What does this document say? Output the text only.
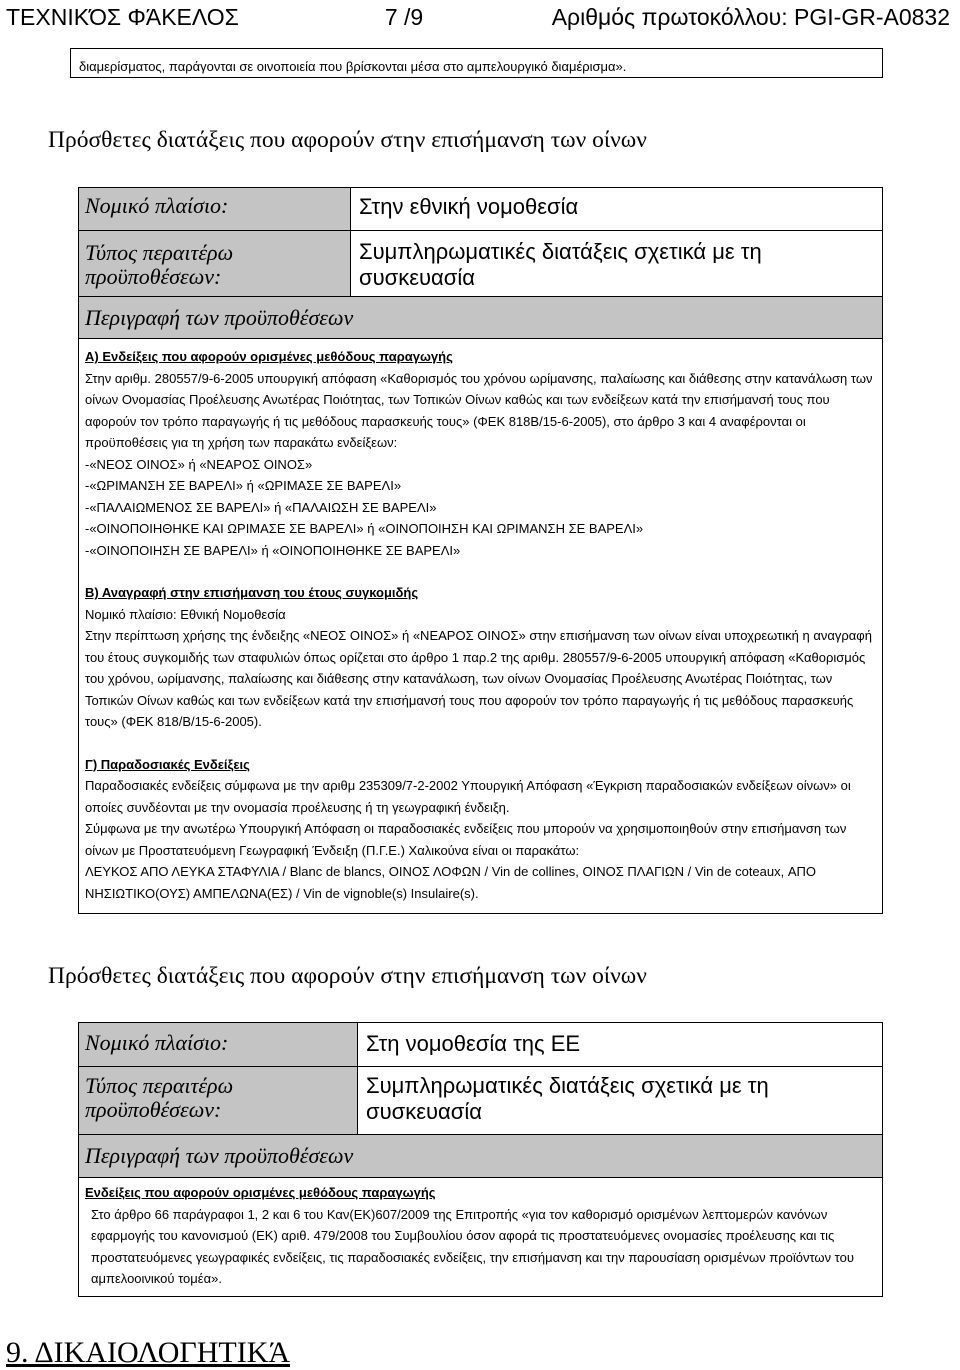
ΤΕΧΝΙΚΌΣ ΦΆΚΕΛΟΣ	7 /9	Αριθμός πρωτοκόλλου: PGI-GR-A0832
διαμερίσματος, παράγονται σε οινοποιεία που βρίσκονται μέσα στο αμπελουργικό διαμέρισμα».
Πρόσθετες διατάξεις που αφορούν στην επισήμανση των οίνων
Νομικό πλαίσιο:	Στην εθνική νομοθεσία
Τύπος περαιτέρω προϋποθέσεων:
Συμπληρωματικές διατάξεις σχετικά με τη συσκευασία
Περιγραφή των προϋποθέσεων

Α) Ενδείξεις που αφορούν ορισμένες μεθόδους παραγωγής

Στην αριθμ. 280557/9-6-2005 υπουργική απόφαση «Καθορισμός του χρόνου ωρίμανσης, παλαίωσης και διάθεσης στην κατανάλωση των οίνων Ονομασίας Προέλευσης Ανωτέρας Ποιότητας, των Τοπικών Οίνων καθώς και των ενδείξεων κατά την επισήμανσή τους που αφορούν τον τρόπο παραγωγής ή τις μεθόδους παρασκευής τους» (ΦΕΚ 818Β/15-6-2005), στο άρθρο 3 και 4 αναφέρονται οι προϋποθέσεις για τη χρήση των παρακάτω ενδείξεων:

-«ΝΕΟΣ ΟΙΝΟΣ» ή «ΝΕΑΡΟΣ ΟΙΝΟΣ»

-«ΩΡΙΜΑΝΣΗ ΣΕ ΒΑΡΕΛΙ» ή «ΩΡΙΜΑΣΕ ΣΕ ΒΑΡΕΛΙ»

-«ΠΑΛΑΙΩΜΕΝΟΣ ΣΕ ΒΑΡΕΛΙ» ή «ΠΑΛΑΙΩΣΗ ΣΕ ΒΑΡΕΛΙ»

-«ΟΙΝΟΠΟΙΗΘΗΚΕ ΚΑΙ ΩΡΙΜΑΣΕ ΣΕ ΒΑΡΕΛΙ» ή «ΟΙΝΟΠΟΙΗΣΗ ΚΑΙ ΩΡΙΜΑΝΣΗ ΣΕ ΒΑΡΕΛΙ»

-«ΟΙΝΟΠΟΙΗΣΗ ΣΕ ΒΑΡΕΛΙ» ή «ΟΙΝΟΠΟΙΗΘΗΚΕ ΣΕ ΒΑΡΕΛΙ»

Β) Αναγραφή στην επισήμανση του έτους συγκομιδής

Νομικό πλαίσιο: Εθνική Νομοθεσία

Στην περίπτωση χρήσης της ένδειξης «ΝΕΟΣ ΟΙΝΟΣ» ή «ΝΕΑΡΟΣ ΟΙΝΟΣ» στην επισήμανση των οίνων είναι υποχρεωτική η αναγραφή του έτους συγκομιδής των σταφυλιών όπως ορίζεται στο άρθρο 1 παρ.2 της αριθμ. 280557/9-6-2005 υπουργική απόφαση «Καθορισμός του χρόνου, ωρίμανσης, παλαίωσης και διάθεσης στην κατανάλωση, των οίνων Ονομασίας Προέλευσης Ανωτέρας Ποιότητας, των Τοπικών Οίνων καθώς και των ενδείξεων κατά την επισήμανσή τους που αφορούν τον τρόπο παραγωγής ή τις μεθόδους παρασκευής τους» (ΦΕΚ 818/Β/15-6-2005).

Γ) Παραδοσιακές Ενδείξεις

Παραδοσιακές ενδείξεις σύμφωνα με την αριθμ 235309/7-2-2002 Υπουργική Απόφαση «Έγκριση παραδοσιακών ενδείξεων οίνων» οι οποίες συνδέονται με την ονομασία προέλευσης ή τη γεωγραφική ένδειξη.

Σύμφωνα με την ανωτέρω Υπουργική Απόφαση οι παραδοσιακές ενδείξεις που μπορούν να χρησιμοποιηθούν στην επισήμανση των οίνων με Προστατευόμενη Γεωγραφική Ένδειξη (Π.Γ.Ε.) Χαλικούνα είναι οι παρακάτω:

ΛΕΥΚΟΣ ΑΠΟ ΛΕΥΚΑ ΣΤΑΦΥΛΙΑ / Blanc de blancs, ΟΙΝΟΣ ΛΟΦΩΝ / Vin de collines, ΟΙΝΟΣ ΠΛΑΓΙΩΝ / Vin de coteaux, ΑΠΟ ΝΗΣΙΩΤΙΚΟ(ΟΥΣ) ΑΜΠΕΛΩΝΑ(ΕΣ) / Vin de vignoble(s) Insulaire(s).

Πρόσθετες διατάξεις που αφορούν στην επισήμανση των οίνων
Νομικό πλαίσιο:	Στη νομοθεσία της ΕΕ
Τύπος περαιτέρω προϋποθέσεων:
Συμπληρωματικές διατάξεις σχετικά με τη συσκευασία
Περιγραφή των προϋποθέσεων

Ενδείξεις που αφορούν ορισμένες μεθόδους παραγωγής

Στο άρθρο 66 παράγραφοι 1, 2 και 6 του Καν(ΕΚ)607/2009 της Επιτροπής «για τον καθορισμό ορισμένων λεπτομερών κανόνων εφαρμογής του κανονισμού (ΕΚ) αριθ. 479/2008 του Συμβουλίου όσον αφορά τις προστατευόμενες ονομασίες προέλευσης και τις προστατευόμενες γεωγραφικές ενδείξεις, τις παραδοσιακές ενδείξεις, την επισήμανση και την παρουσίαση ορισμένων προϊόντων του αμπελοοινικού τομέα».

9. ΔΙΚΑΙΟΛΟΓΗΤΙΚΆ
